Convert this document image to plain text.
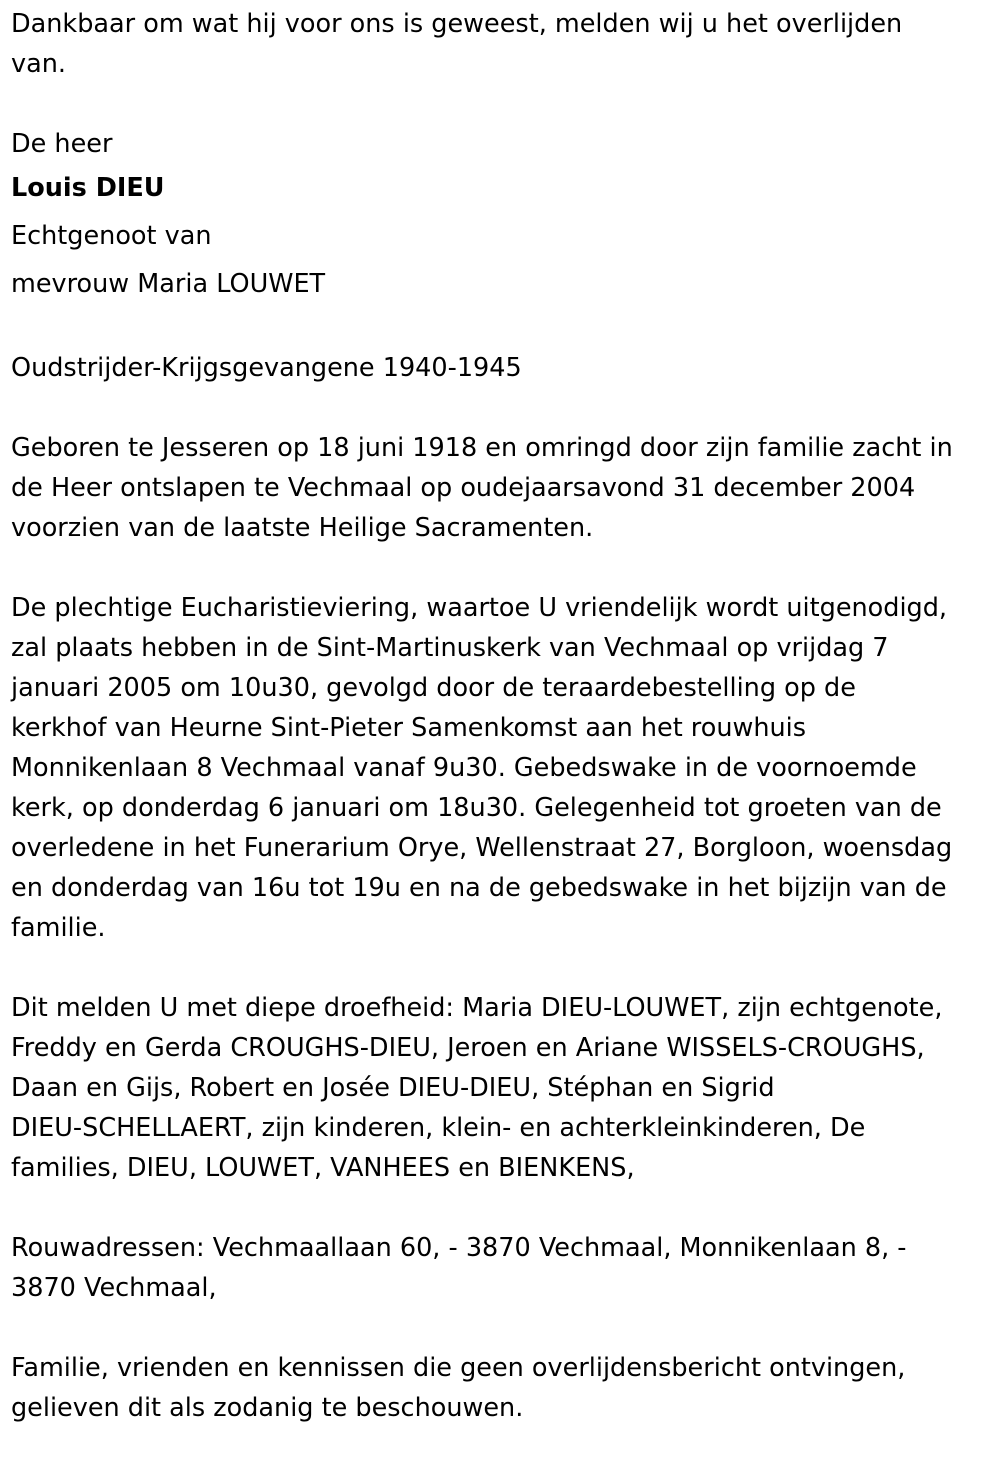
Dankbaar om wat hij voor ons is geweest, melden wij u het overlijden
van.
De heer
Louis DIEU
Echtgenoot van
mevrouw Maria LOUWET
Oudstrijder-Krijgsgevangene 1940-1945
Geboren te Jesseren op 18 juni 1918 en omringd door zijn familie zacht in
de Heer ontslapen te Vechmaal op oudejaarsavond 31 december 2004
voorzien van de laatste Heilige Sacramenten.
De plechtige Eucharistieviering, waartoe U vriendelijk wordt uitgenodigd,
zal plaats hebben in de Sint-Martinuskerk van Vechmaal op vrijdag 7
januari 2005 om 10u30, gevolgd door de teraardebestelling op de
kerkhof van Heurne Sint-Pieter Samenkomst aan het rouwhuis
Monnikenlaan 8 Vechmaal vanaf 9u30. Gebedswake in de voornoemde
kerk, op donderdag 6 januari om 18u30. Gelegenheid tot groeten van de
overledene in het Funerarium Orye, Wellenstraat 27, Borgloon, woensdag
en donderdag van 16u tot 19u en na de gebedswake in het bijzijn van de
familie.
Dit melden U met diepe droefheid: Maria DIEU-LOUWET, zijn echtgenote,
Freddy en Gerda CROUGHS-DIEU, Jeroen en Ariane WISSELS-CROUGHS,
Daan en Gijs, Robert en Josée DIEU-DIEU, Stéphan en Sigrid
DIEU-SCHELLAERT, zijn kinderen, klein- en achterkleinkinderen, De
families, DIEU, LOUWET, VANHEES en BIENKENS,
Rouwadressen: Vechmaallaan 60, - 3870 Vechmaal, Monnikenlaan 8, -
3870 Vechmaal,
Familie, vrienden en kennissen die geen overlijdensbericht ontvingen,
gelieven dit als zodanig te beschouwen.
